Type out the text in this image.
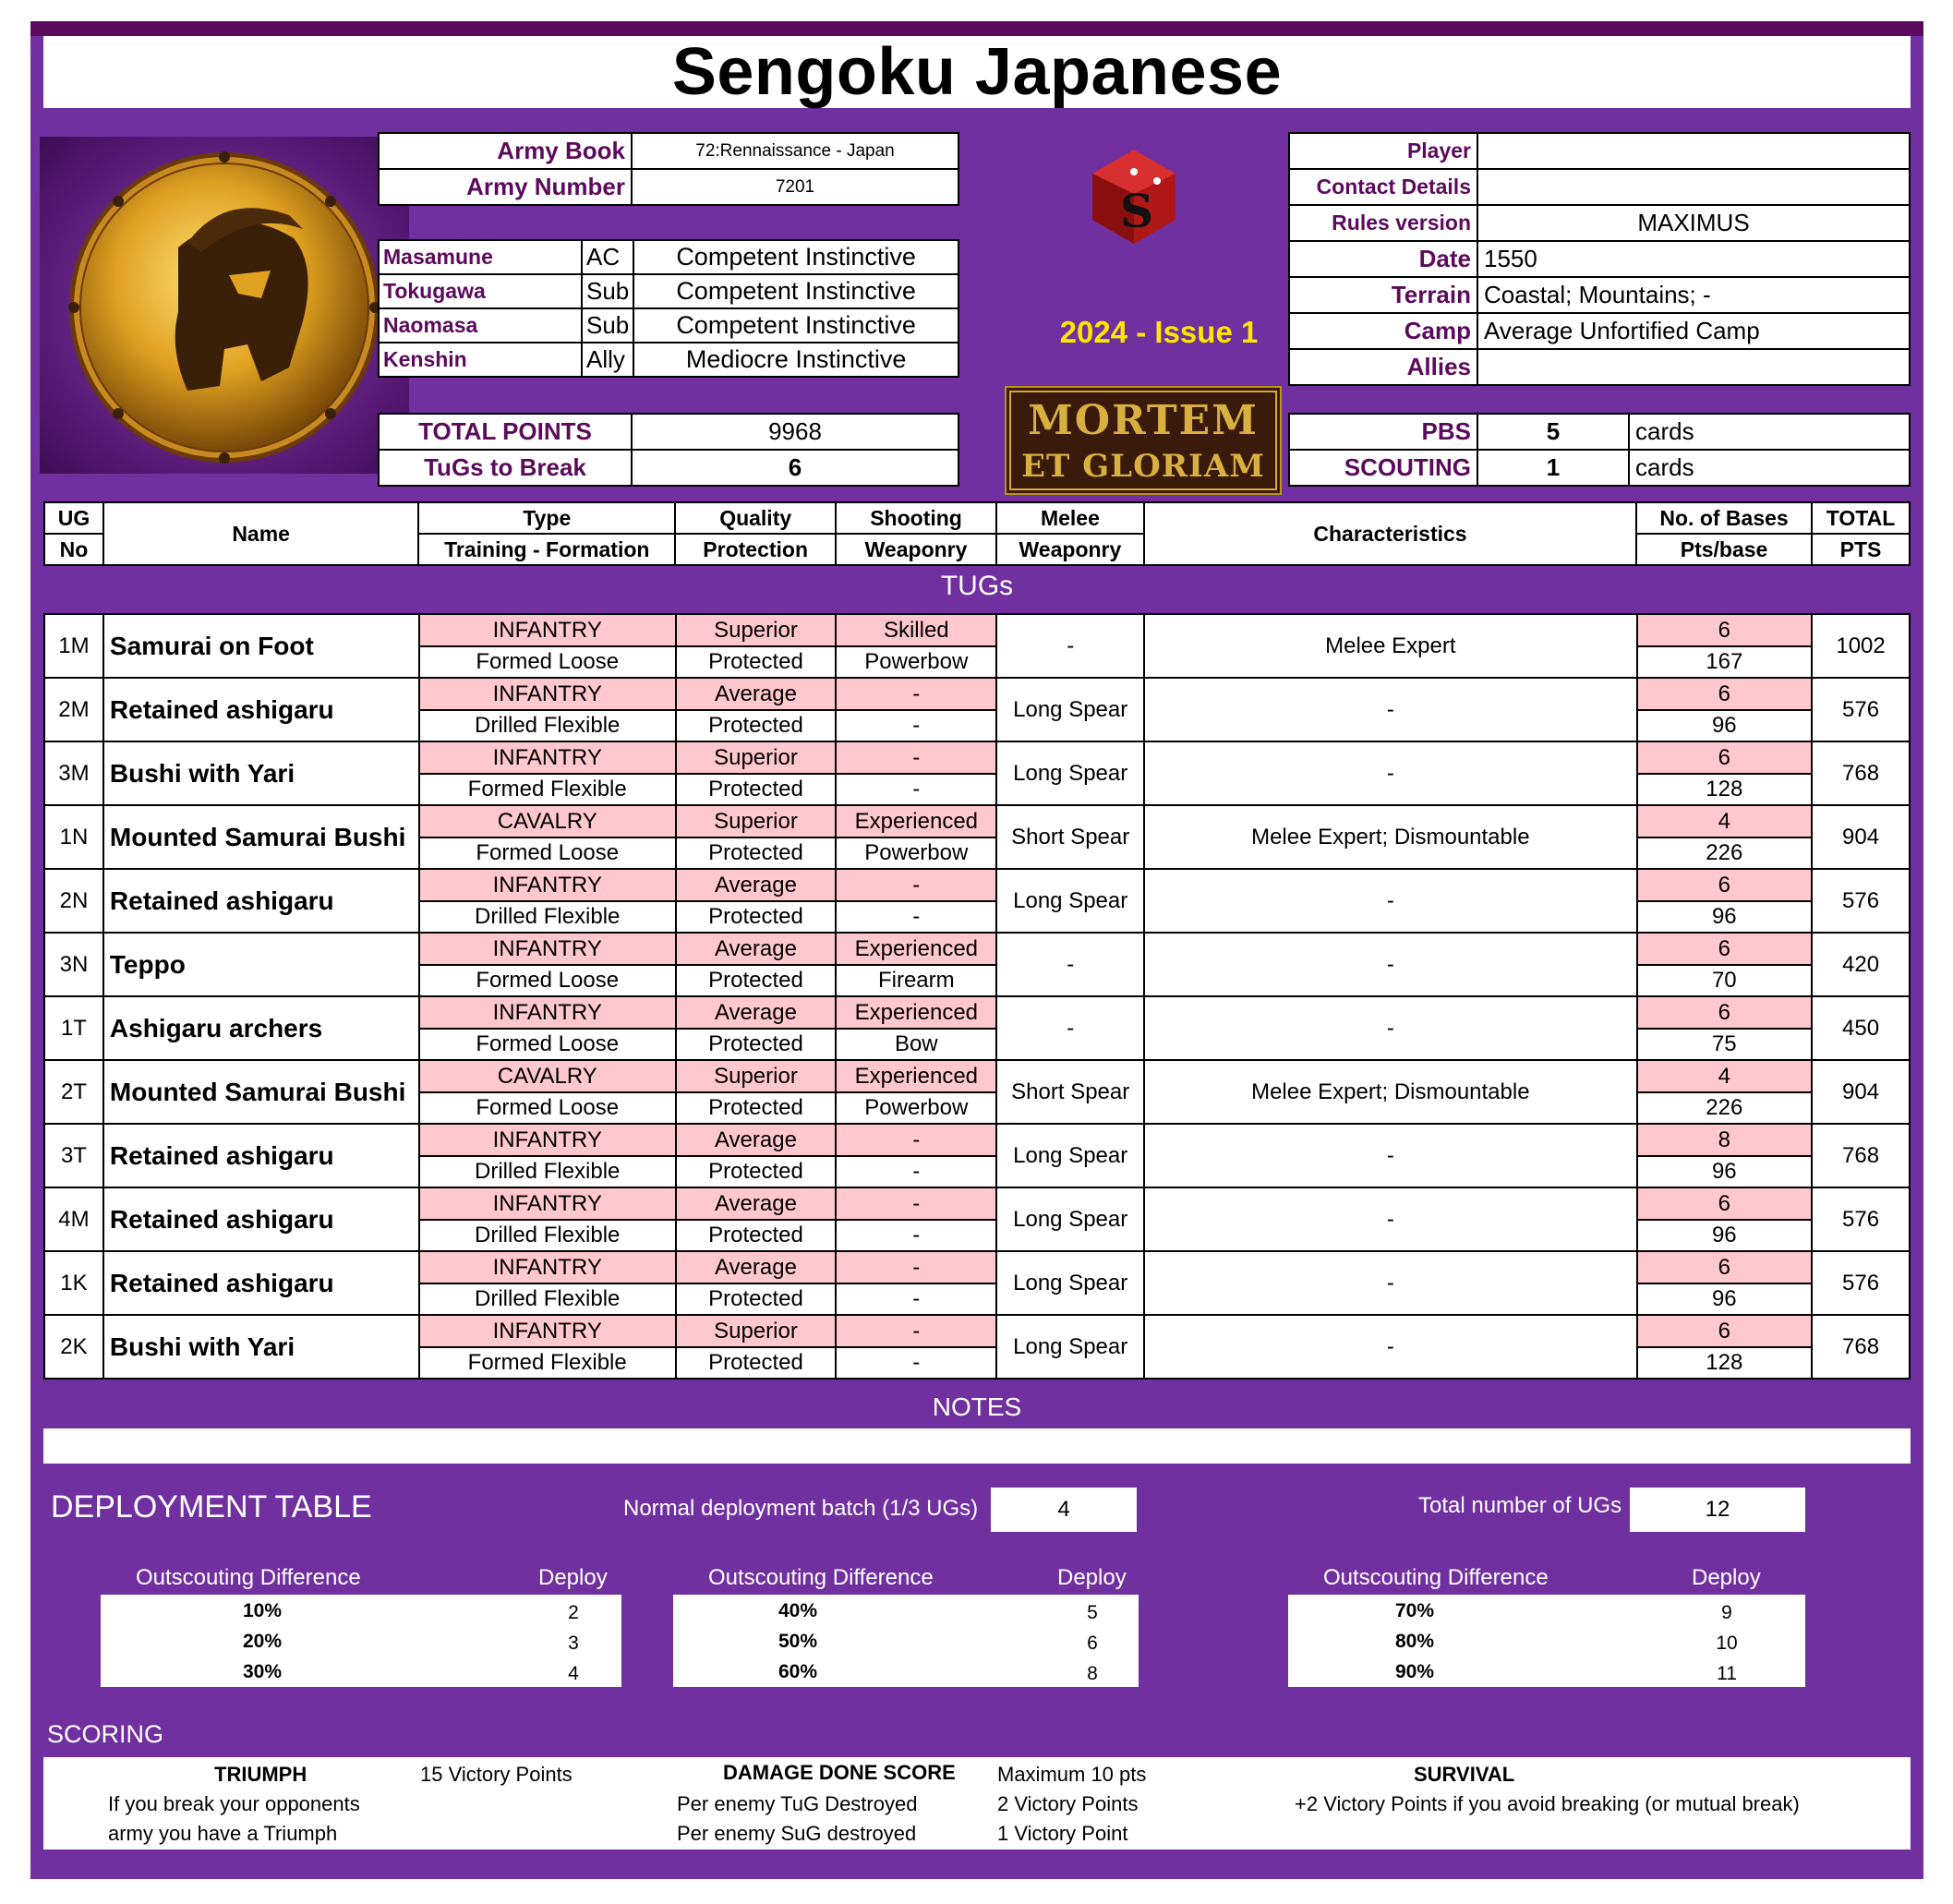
Sengoku Japanese
Army Book	72:Rennaissance - Japan
Army Number	7201
Masamune	AC	Competent Instinctive
Tokugawa	Sub	Competent Instinctive
Naomasa	Sub	Competent Instinctive
Kenshin	Ally	Mediocre Instinctive
TOTAL POINTS	9968
TuGs to Break	6
S
2024 - Issue 1
MORTEM
ET GLORIAM
Player	
Contact Details	
Rules version	MAXIMUS
Date	1550
Terrain	Coastal; Mountains; -
Camp	Average Unfortified Camp
Allies	
PBS	5	cards
SCOUTING	1	cards
UG	Name	Type	Quality	Shooting	Melee	Characteristics	No. of Bases	TOTAL
No		Training - Formation	Protection	Weaponry	Weaponry		Pts/base	PTS
TUGs
1M	Samurai on Foot	INFANTRY	Superior	Skilled	-	Melee Expert	6	1002
		Formed Loose	Protected	Powerbow			167	
2M	Retained ashigaru	INFANTRY	Average	-	Long Spear	-	6	576
		Drilled Flexible	Protected	-			96	
3M	Bushi with Yari	INFANTRY	Superior	-	Long Spear	-	6	768
		Formed Flexible	Protected	-			128	
1N	Mounted Samurai Bushi	CAVALRY	Superior	Experienced	Short Spear	Melee Expert; Dismountable	4	904
		Formed Loose	Protected	Powerbow			226	
2N	Retained ashigaru	INFANTRY	Average	-	Long Spear	-	6	576
		Drilled Flexible	Protected	-			96	
3N	Teppo	INFANTRY	Average	Experienced	-	-	6	420
		Formed Loose	Protected	Firearm			70	
1T	Ashigaru archers	INFANTRY	Average	Experienced	-	-	6	450
		Formed Loose	Protected	Bow			75	
2T	Mounted Samurai Bushi	CAVALRY	Superior	Experienced	Short Spear	Melee Expert; Dismountable	4	904
		Formed Loose	Protected	Powerbow			226	
3T	Retained ashigaru	INFANTRY	Average	-	Long Spear	-	8	768
		Drilled Flexible	Protected	-			96	
4M	Retained ashigaru	INFANTRY	Average	-	Long Spear	-	6	576
		Drilled Flexible	Protected	-			96	
1K	Retained ashigaru	INFANTRY	Average	-	Long Spear	-	6	576
		Drilled Flexible	Protected	-			96	
2K	Bushi with Yari	INFANTRY	Superior	-	Long Spear	-	6	768
		Formed Flexible	Protected	-			128	
NOTES
DEPLOYMENT TABLE	Normal deployment batch (1/3 UGs)	4	Total number of UGs	12
Outscouting Difference	Deploy
10%	2
20%	3
30%	4
Outscouting Difference	Deploy
40%	5
50%	6
60%	8
Outscouting Difference	Deploy
70%	9
80%	10
90%	11
SCORING
TRIUMPH	15 Victory Points
If you break your opponents
army you have a Triumph
DAMAGE DONE SCORE Maximum 10 pts
Per enemy TuG Destroyed	2 Victory Points
Per enemy SuG destroyed	1 Victory Point
SURVIVAL
+2 Victory Points if you avoid breaking (or mutual break)
